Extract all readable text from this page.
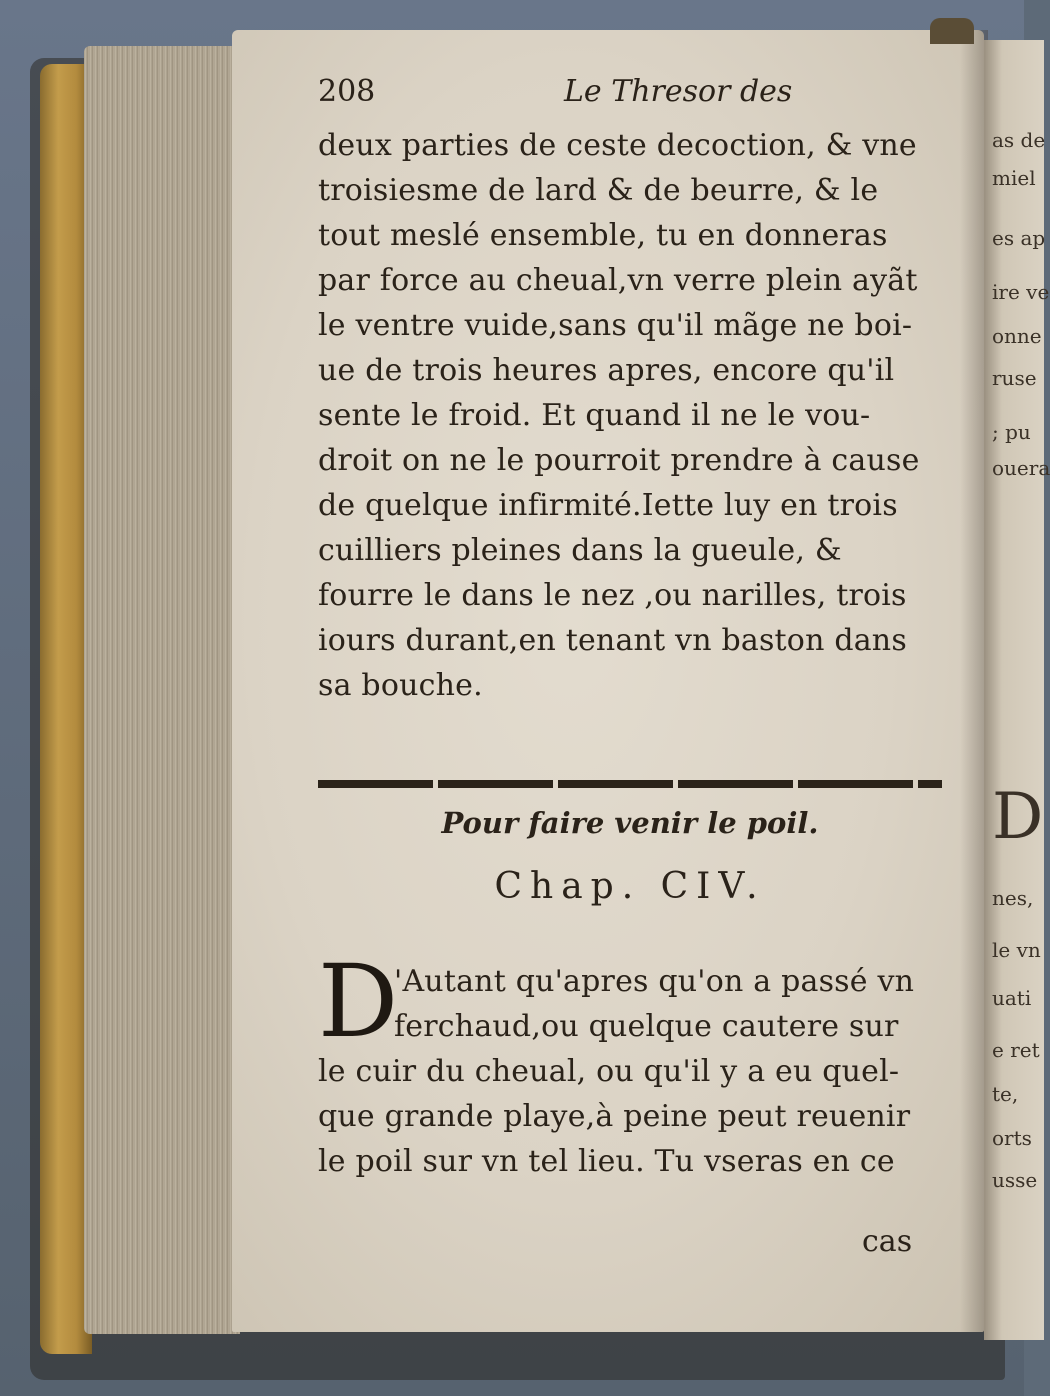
as de
miel
es ap
ire ve
onne
ruse
; pu
ouera
D
nes,
le vn
uati
e ret
te,
orts
usse
208	Le Thresor des
deux parties de ceste decoction, & vne
troisiesme de lard & de beurre, & le
tout meslé ensemble, tu en donneras
par force au cheual,vn verre plein ayãt
le ventre vuide,sans qu'il mãge ne boi-
ue de trois heures apres, encore qu'il
sente le froid. Et quand il ne le vou-
droit on ne le pourroit prendre à cause
de quelque infirmité.Iette luy en trois
cuilliers pleines dans la gueule, &
fourre le dans le nez ,ou narilles, trois
iours durant,en tenant vn baston dans
sa bouche.
Pour faire venir le poil.
Chap. CIV.
D
'Autant qu'apres qu'on a passé vn
ferchaud,ou quelque cautere sur
le cuir du cheual, ou qu'il y a eu quel-
que grande playe,à peine peut reuenir
le poil sur vn tel lieu. Tu vseras en ce
cas
